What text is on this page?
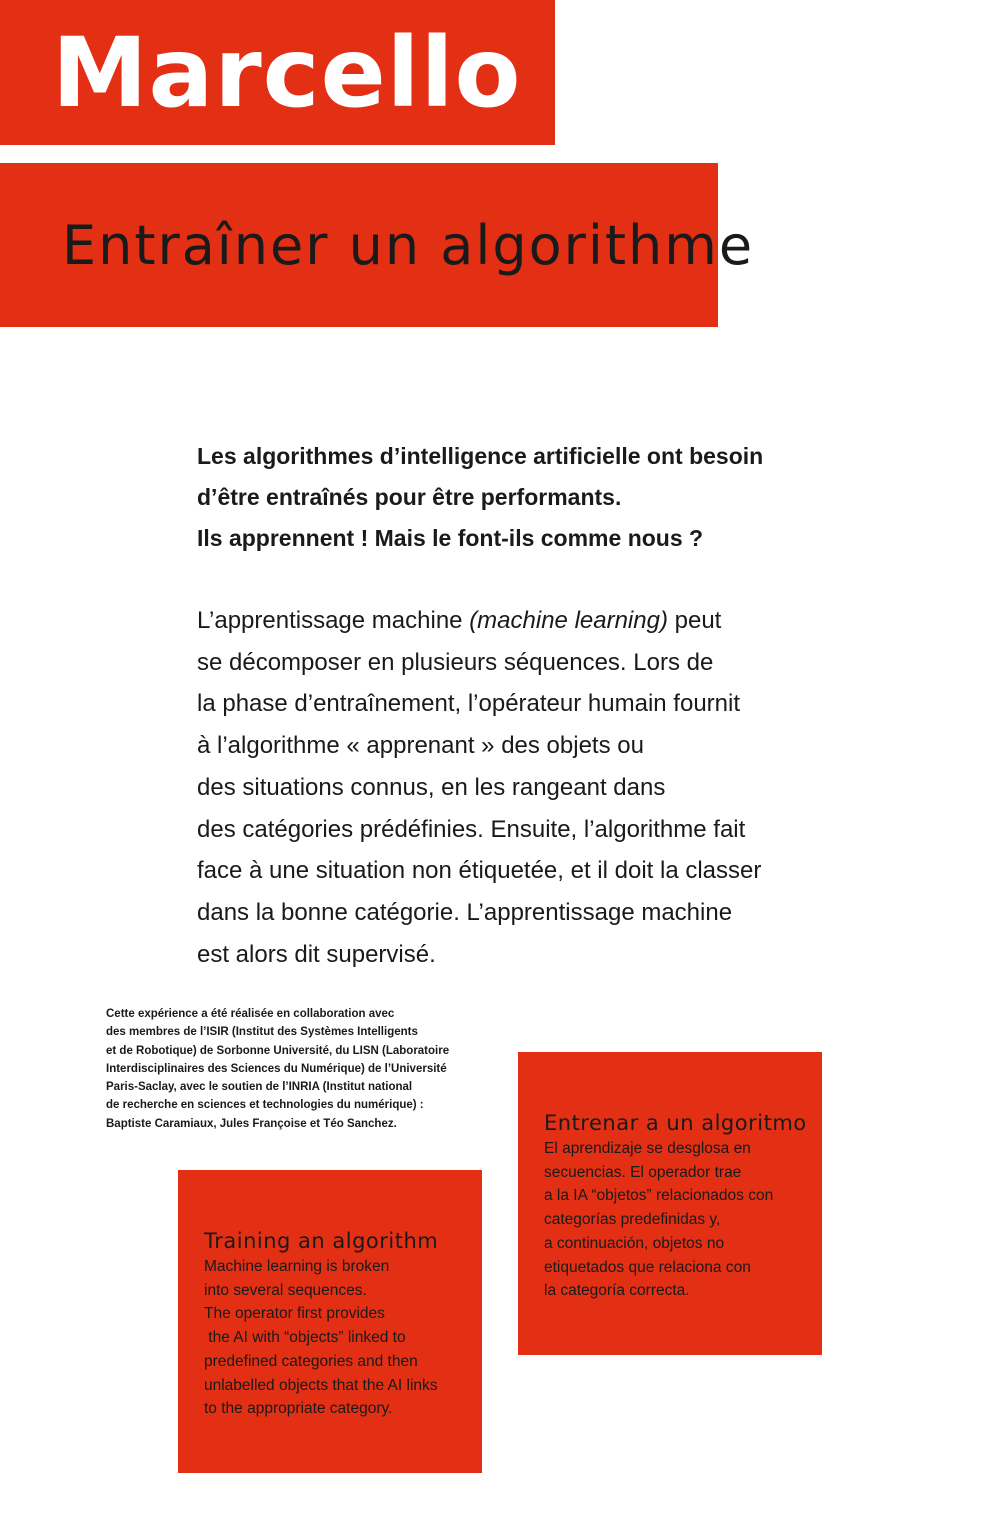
Marcello
Entraîner un algorithme

Les algorithmes d’intelligence artificielle ont besoin
d’être entraînés pour être performants.
Ils apprennent ! Mais le font-ils comme nous ?

L’apprentissage machine (machine learning) peut
se décomposer en plusieurs séquences. Lors de
la phase d’entraînement, l’opérateur humain fournit
à l’algorithme « apprenant » des objets ou
des situations connus, en les rangeant dans
des catégories prédéfinies. Ensuite, l’algorithme fait
face à une situation non étiquetée, et il doit la classer
dans la bonne catégorie. L’apprentissage machine
est alors dit supervisé.

Cette expérience a été réalisée en collaboration avec
des membres de l’ISIR (Institut des Systèmes Intelligents
et de Robotique) de Sorbonne Université, du LISN (Laboratoire
Interdisciplinaires des Sciences du Numérique) de l’Université
Paris-Saclay, avec le soutien de l’INRIA (Institut national
de recherche en sciences et technologies du numérique) :
Baptiste Caramiaux, Jules Françoise et Téo Sanchez.	Entrenar a un algoritmo

El aprendizaje se desglosa en
secuencias. El operador trae
a la IA “objetos” relacionados con
categorías predefinidas y,
a continuación, objetos no
etiquetados que relaciona con
la categoría correcta.

Training an algorithm

Machine learning is broken
into several sequences.
The operator first provides
the AI with “objects” linked to
predefined categories and then
unlabelled objects that the AI links
to the appropriate category.
